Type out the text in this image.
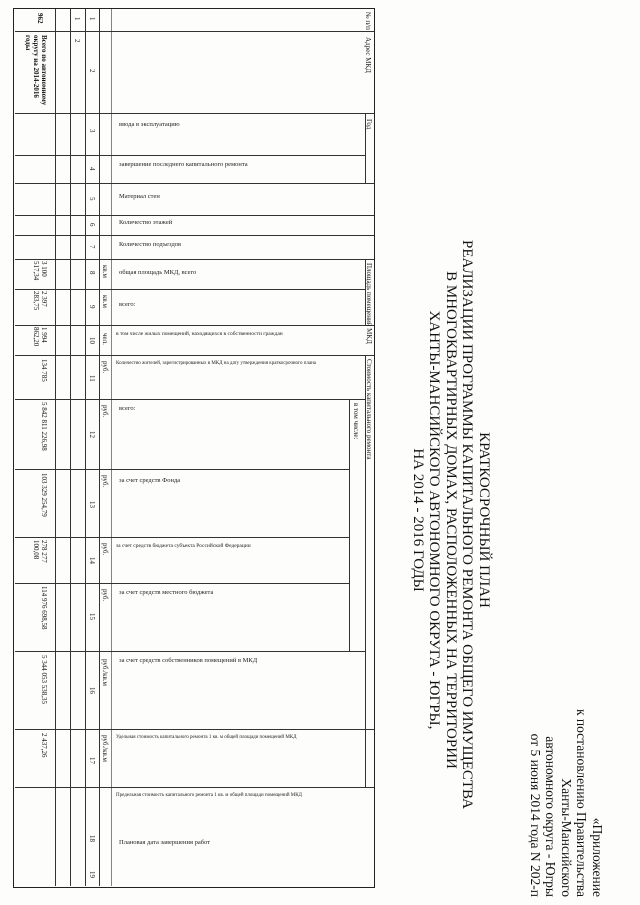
«Приложение
к постановлению Правительства
Ханты-Мансийского
автономного округа - Югры
от 5 июня 2014 года N 202-п
КРАТКОСРОЧНЫЙ ПЛАН
РЕАЛИЗАЦИИ ПРОГРАММЫ КАПИТАЛЬНОГО РЕМОНТА ОБЩЕГО ИМУЩЕСТВА
В МНОГОКВАРТИРНЫХ ДОМАХ, РАСПОЛОЖЕННЫХ НА ТЕРРИТОРИИ
ХАНТЫ-МАНСИЙСКОГО АВТОНОМНОГО ОКРУГА - ЮГРЫ,
НА 2014 - 2016 ГОДЫ
№ п/п
Адрес МКД
Год
Площадь помещений МКД
Стоимость капитального ремонта
в том числе:
ввода в эксплуатацию
завершение последнего капитального ремонта
Материал стен
Количество этажей
Количество подъездов
общая площадь МКД, всего
всего:
в том числе жилых помещений, находящихся в собственности граждан
Количество жителей, зарегистрированных в МКД на дату утверждения краткосрочного плана
всего:
за счет средств Фонда
за счет средств бюджета субъекта Российской Федерации
за счет средств местного бюджета
за счет средств собственников помещений в МКД
Удельная стоимость капитального ремонта 1 кв. м общей площади помещений МКД
Предельная стоимость капитального ремонта 1 кв. м общей площади помещений МКД
Плановая дата завершения работ
кв.м
кв.м
чел.
руб.
руб.
руб.
руб.
руб.
руб./кв.м
руб./кв.м
1
2
3
4
5
6
7
8
9
10
11
12
13
14
15
16
17
18
19
1
2
962
Всего по автономному округу на 2014-2016 годы
3 100 517,34
2 397 283,75
1 994 862,20
134 785
5 842 811 226,98
103 329 254,79
278 277 100,08
114 976 698,58
5 344 053 538,35
2 437,26
